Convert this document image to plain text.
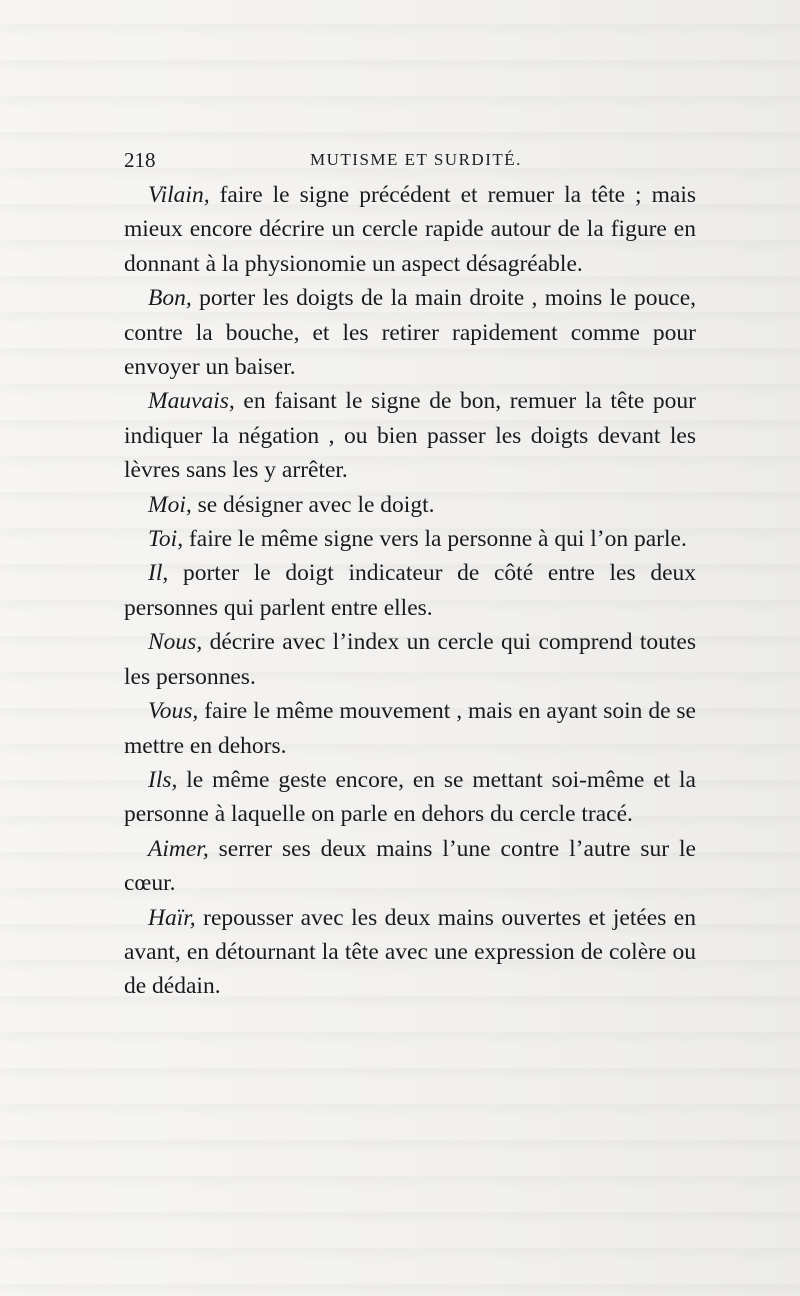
218	MUTISME ET SURDITÉ.

Vilain, faire le signe précédent et remuer la tête ; mais mieux encore décrire un cercle rapide autour de la figure en donnant à la physionomie un aspect désagréable.

Bon, porter les doigts de la main droite , moins le pouce, contre la bouche, et les retirer rapidement comme pour envoyer un baiser.

Mauvais, en faisant le signe de bon, remuer la tête pour indiquer la négation , ou bien passer les doigts devant les lèvres sans les y arrêter.

Moi, se désigner avec le doigt.

Toi, faire le même signe vers la personne à qui l’on parle.

Il, porter le doigt indicateur de côté entre les deux personnes qui parlent entre elles.

Nous, décrire avec l’index un cercle qui comprend toutes les personnes.

Vous, faire le même mouvement , mais en ayant soin de se mettre en dehors.

Ils, le même geste encore, en se mettant soi-même et la personne à laquelle on parle en dehors du cercle tracé.

Aimer, serrer ses deux mains l’une contre l’autre sur le cœur.

Haïr, repousser avec les deux mains ouvertes et jetées en avant, en détournant la tête avec une expression de colère ou de dédain.
